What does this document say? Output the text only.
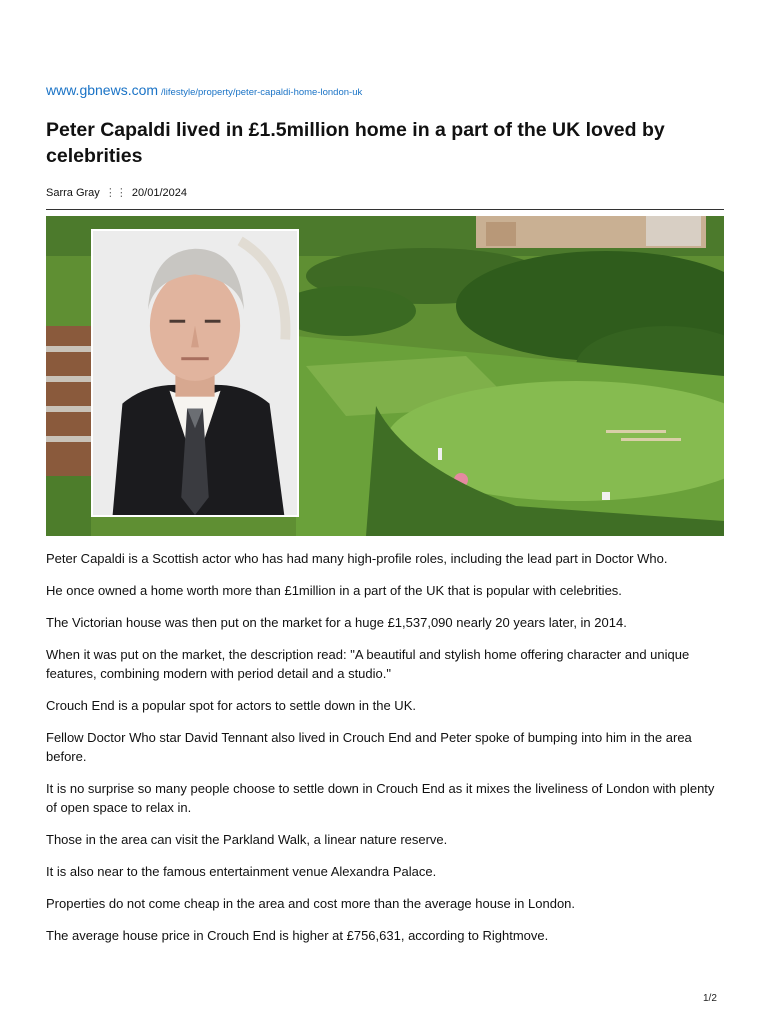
www.gbnews.com /lifestyle/property/peter-capaldi-home-london-uk
Peter Capaldi lived in £1.5million home in a part of the UK loved by celebrities
Sarra Gray ⋮⋮ 20/01/2024

Peter Capaldi is a Scottish actor who has had many high-profile roles, including the lead part in Doctor Who.

He once owned a home worth more than £1million in a part of the UK that is popular with celebrities.

The Victorian house was then put on the market for a huge £1,537,090 nearly 20 years later, in 2014.

When it was put on the market, the description read: "A beautiful and stylish home offering character and unique features, combining modern with period detail and a studio."

Crouch End is a popular spot for actors to settle down in the UK.

Fellow Doctor Who star David Tennant also lived in Crouch End and Peter spoke of bumping into him in the area before.

It is no surprise so many people choose to settle down in Crouch End as it mixes the liveliness of London with plenty of open space to relax in.

Those in the area can visit the Parkland Walk, a linear nature reserve.

It is also near to the famous entertainment venue Alexandra Palace.

Properties do not come cheap in the area and cost more than the average house in London.

The average house price in Crouch End is higher at £756,631, according to Rightmove.

1/2
